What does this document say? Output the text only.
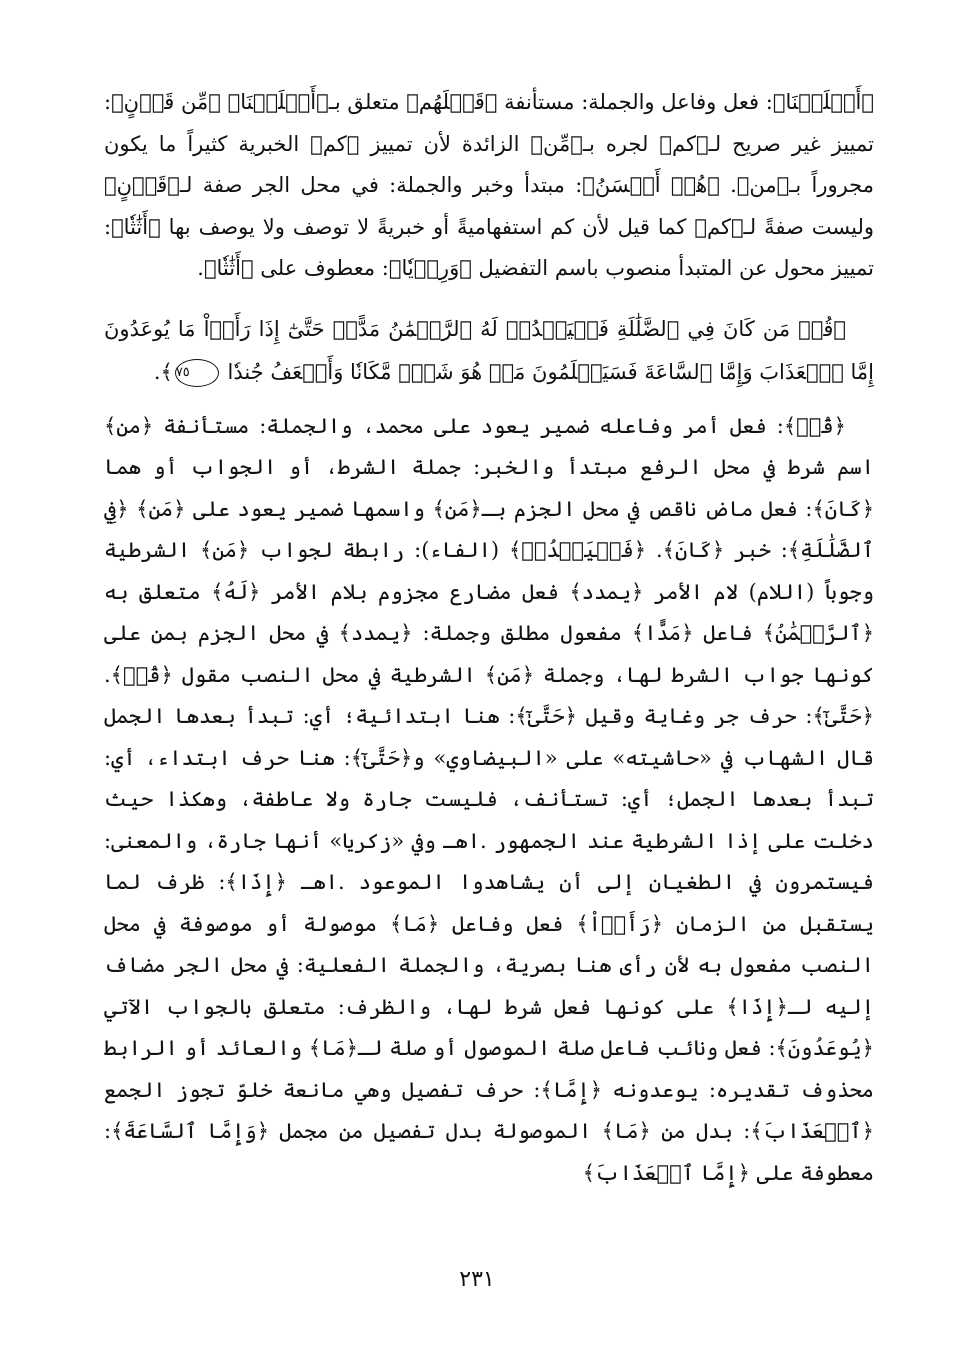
﴿أَهۡلَكۡنَا﴾: فعل وفاعل والجملة: مستأنفة ﴿قَبۡلَهُم﴾ متعلق بـ﴿أَهۡلَكۡنَا﴾ ﴿مِّن قَرۡنٍ﴾: تمييز غير صريح لـ﴿كم﴾ لجره بـ﴿مِّن﴾ الزائدة لأن تمييز ﴿كم﴾ الخبرية كثيراً ما يكون مجروراً بـ﴿من﴾. ﴿هُمۡ أَحۡسَنُ﴾: مبتدأ وخبر والجملة: في محل الجر صفة لـ﴿قَرۡنٍ﴾ وليست صفةً لـ﴿كم﴾ كما قيل لأن كم استفهاميةً أو خبريةً لا توصف ولا يوصف بها ﴿أَثَٰثٗا﴾: تمييز محول عن المتبدأ منصوب باسم التفضيل ﴿وَرِءۡيٗا﴾: معطوف على ﴿أَثَٰثٗا﴾.

﴿قُلۡ مَن كَانَ فِي ٱلضَّلَٰلَةِ فَلۡيَمۡدُدۡ لَهُ ٱلرَّحۡمَٰنُ مَدًّاۚ حَتَّىٰٓ إِذَا رَأَوۡاْ مَا يُوعَدُونَ إِمَّا ٱلۡعَذَابَ وَإِمَّا ٱلسَّاعَةَ فَسَيَعۡلَمُونَ مَنۡ هُوَ شَرّٞ مَّكَانٗا وَأَضۡعَفُ جُندٗا ٧٥﴾.

﴿قُلۡ﴾: فعل أمر وفاعله ضمير يعود على محمد، والجملة: مستأنفة ﴿من﴾ اسم شرط في محل الرفع مبتدأ والخبر: جملة الشرط، أو الجواب أو هما ﴿كَانَ﴾: فعل ماض ناقص في محل الجزم بـ﴿مَن﴾ واسمها ضمير يعود على ﴿مَن﴾ ﴿فِي ٱلضَّلَٰلَةِ﴾: خبر ﴿كَانَ﴾. ﴿فَلۡيَمۡدُدۡ﴾ (الفاء): رابطة لجواب ﴿مَن﴾ الشرطية وجوباً (اللام) لام الأمر ﴿يمدد﴾ فعل مضارع مجزوم بلام الأمر ﴿لَهُ﴾ متعلق به ﴿ٱلرَّحۡمَٰنُ﴾ فاعل ﴿مَدًّا﴾ مفعول مطلق وجملة: ﴿يمدد﴾ في محل الجزم بمن على كونها جواب الشرط لها، وجملة ﴿مَن﴾ الشرطية في محل النصب مقول ﴿قُلۡ﴾. ﴿حَتَّىٰٓ﴾: حرف جر وغاية وقيل ﴿حَتَّىٰٓ﴾: هنا ابتدائية؛ أي: تبدأ بعدها الجمل قال الشهاب في «حاشيته» على «البيضاوي» و﴿حَتَّىٰٓ﴾: هنا حرف ابتداء، أي: تبدأ بعدها الجمل؛ أي: تستأنف، فليست جارة ولا عاطفة، وهكذا حيث دخلت على إذا الشرطية عند الجمهور .اهـ وفي «زكريا» أنها جارة، والمعنى: فيستمرون في الطغيان إلى أن يشاهدوا الموعود .اهـ ﴿إِذَا﴾: ظرف لما يستقبل من الزمان ﴿رَأَوۡاْ﴾ فعل وفاعل ﴿مَا﴾ موصولة أو موصوفة في محل النصب مفعول به لأن رأى هنا بصرية، والجملة الفعلية: في محل الجر مضاف إليه لـ﴿إِذَا﴾ على كونها فعل شرط لها، والظرف: متعلق بالجواب الآتي ﴿يُوعَدُونَ﴾: فعل ونائب فاعل صلة الموصول أو صلة لـ﴿مَا﴾ والعائد أو الرابط محذوف تقديره: يوعدونه ﴿إِمَّا﴾: حرف تفصيل وهي مانعة خلوّ تجوز الجمع ﴿ٱلۡعَذَابَ﴾: بدل من ﴿مَا﴾ الموصولة بدل تفصيل من مجمل ﴿وَإِمَّا ٱلسَّاعَةَ﴾: معطوفة على ﴿إِمَّا ٱلۡعَذَابَ﴾

٢٣١
